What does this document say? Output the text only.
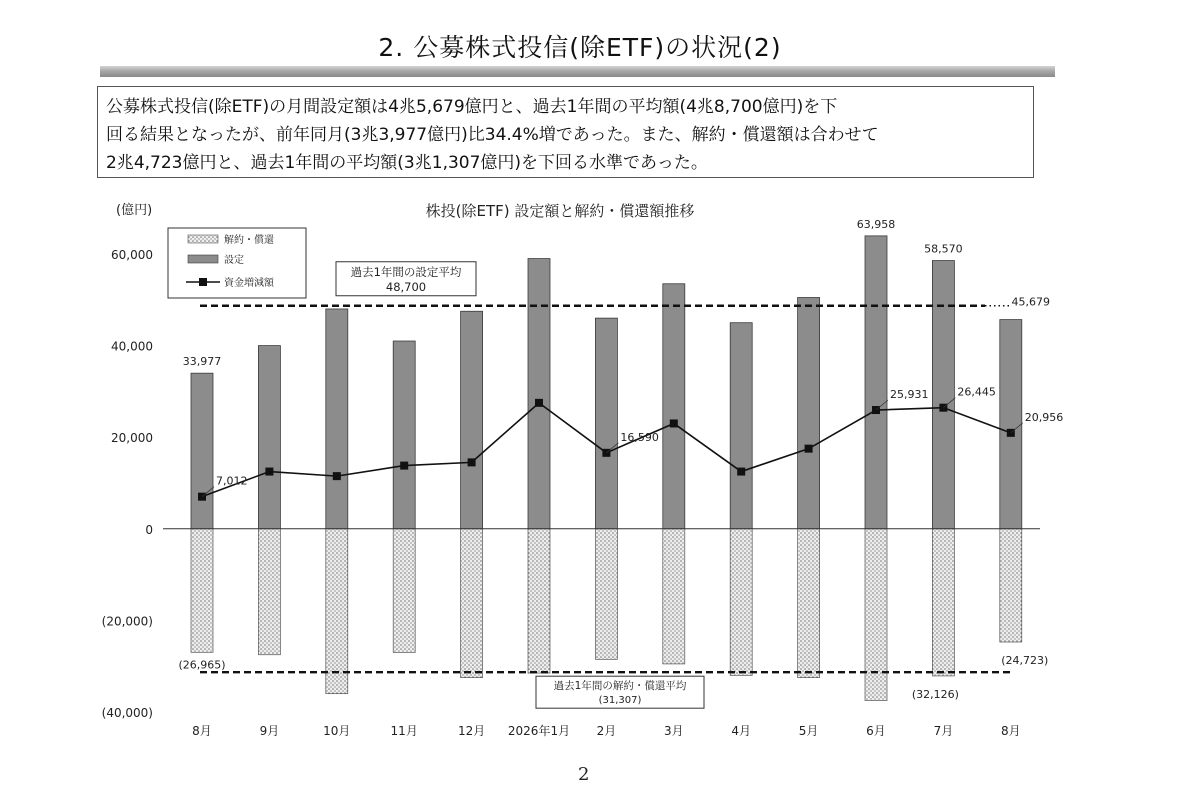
2. 公募株式投信(除ETF)の状況(2)
公募株式投信(除ETF)の月間設定額は4兆5,679億円と、過去1年間の平均額(4兆8,700億円)を下
回る結果となったが、前年同月(3兆3,977億円)比34.4%増であった。また、解約・償還額は合わせて
2兆4,723億円と、過去1年間の平均額(3兆1,307億円)を下回る水準であった。
株投(除ETF) 設定額と解約・償還額推移
(億円)
60,000
40,000
20,000
0
(20,000)
(40,000)
過去1年間の設定平均
48,700
過去1年間の解約・償還平均
(31,307)
33,977
63,958
58,570
45,679
(26,965)
(32,126)
(24,723)
7,012
16,590
25,931	26,445
20,956
8月	9月	10月	11月	12月 2026年1月 2月	3月	4月	5月	6月	7月	8月
解約・償還
設定
資金増減額
2
